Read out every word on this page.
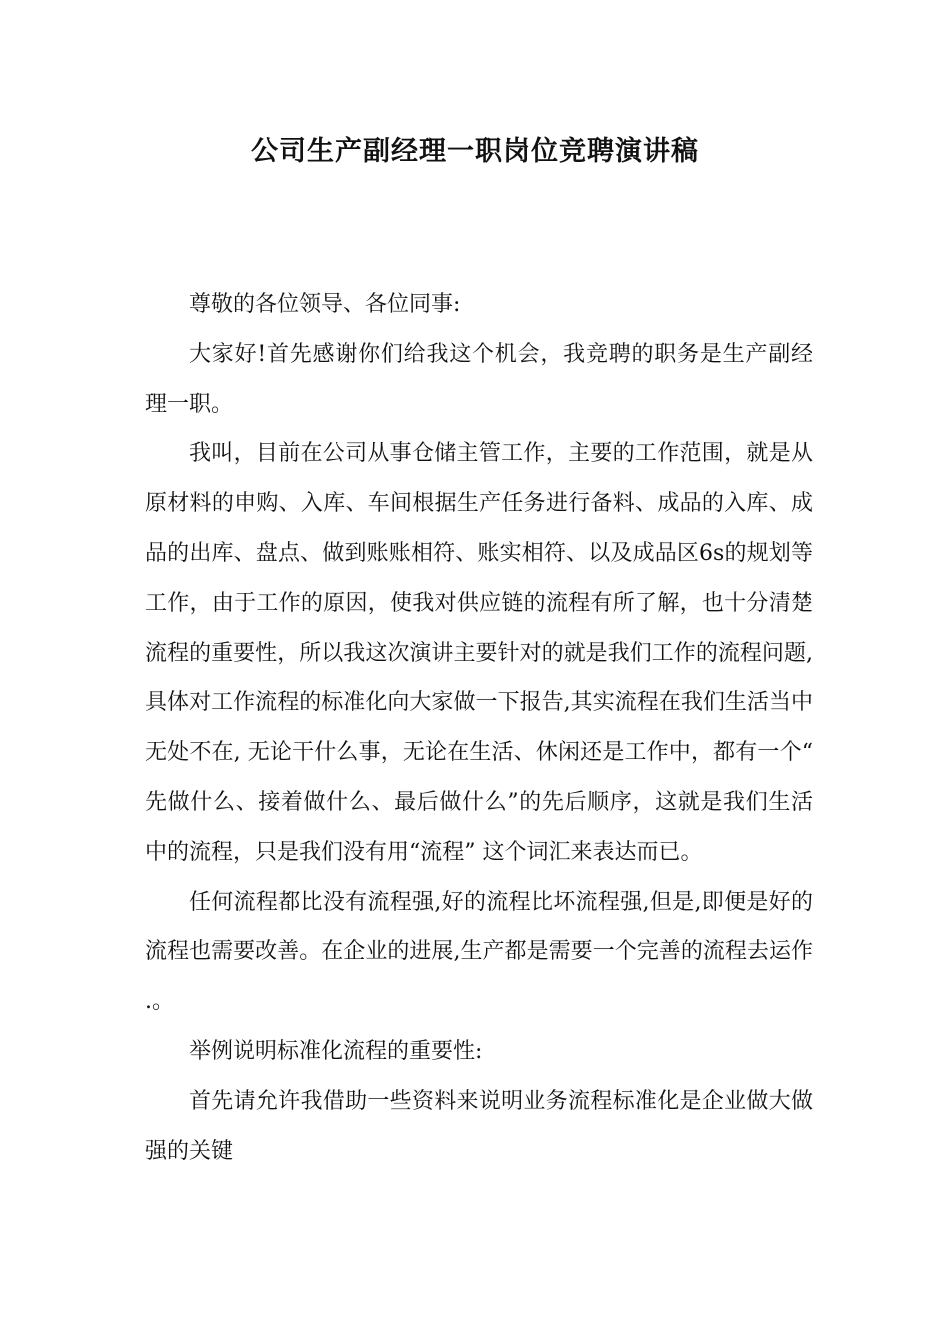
公司生产副经理一职岗位竞聘演讲稿

尊敬的各位领导、各位同事:

大家好!首先感谢你们给我这个机会，我竞聘的职务是生产副经理一职。

我叫，目前在公司从事仓储主管工作，主要的工作范围，就是从原材料的申购、入库、车间根据生产任务进行备料、成品的入库、成品的出库、盘点、做到账账相符、账实相符、以及成品区6s的规划等工作，由于工作的原因，使我对供应链的流程有所了解，也十分清楚流程的重要性，所以我这次演讲主要针对的就是我们工作的流程问题,具体对工作流程的标准化向大家做一下报告,其实流程在我们生活当中无处不在, 无论干什么事，无论在生活、休闲还是工作中，都有一个“先做什么、接着做什么、最后做什么”的先后顺序，这就是我们生活中的流程，只是我们没有用“流程” 这个词汇来表达而已。

任何流程都比没有流程强,好的流程比坏流程强,但是,即便是好的流程也需要改善。在企业的进展,生产都是需要一个完善的流程去运作.。

举例说明标准化流程的重要性:

首先请允许我借助一些资料来说明业务流程标准化是企业做大做强的关键
